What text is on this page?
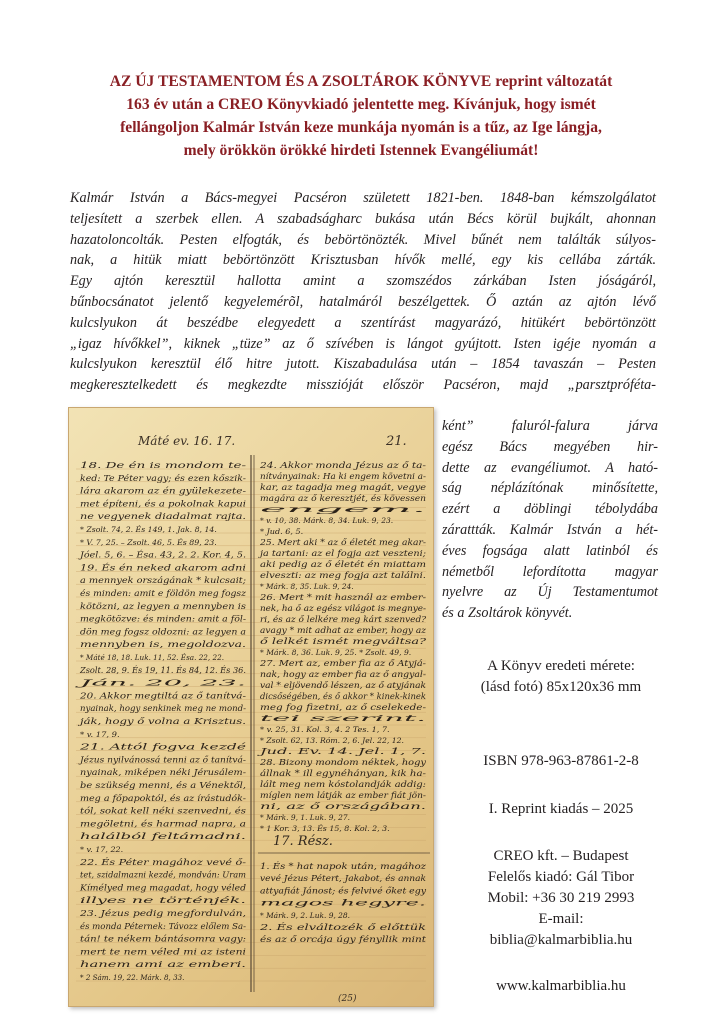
AZ ÚJ TESTAMENTOM ÉS A ZSOLTÁROK KÖNYVE reprint változatát
163 év után a CREO Könyvkiadó jelentette meg. Kívánjuk, hogy ismét
fellángoljon Kalmár István keze munkája nyomán is a tűz, az Ige lángja,
mely örökkön örökké hirdeti Istennek Evangéliumát!
Kalmár István a Bács-megyei Pacséron született 1821-ben. 1848-ban kémszolgálatot
teljesített a szerbek ellen. A szabadságharc bukása után Bécs körül bujkált, ahonnan
hazatoloncolták. Pesten elfogták, és bebörtönözték. Mivel bűnét nem találták súlyos-
nak, a hitük miatt bebörtönzött Krisztusban hívők mellé, egy kis cellába zárták.
Egy ajtón keresztül hallotta amint a szomszédos zárkában Isten jóságáról,
bűnbocsánatot jelentő kegyelemérõl, hatalmáról beszélgettek. Ő aztán az ajtón lévő
kulcslyukon át beszédbe elegyedett a szentírást magyarázó, hitükért bebörtönzött
„igaz hívőkkel”, kiknek „tüze” az ő szívében is lángot gyújtott. Isten igéje nyomán a
kulcslyukon keresztül élő hitre jutott. Kiszabadulása után – 1854 tavaszán – Pesten
megkeresztelkedett és megkezdte misszióját először Pacséron, majd „parsztpróféta-
ként” faluról-falura járva
egész Bács megyében hir-
dette az evangéliumot. A ható-
ság néplázítónak minősítette,
ezért a döblingi tébolydába
zárattták. Kalmár István a hét-
éves fogsága alatt latinból és
németből lefordította magyar
nyelvre az Új Testamentumot
és a Zsoltárok könyvét.
Máté ev. 16. 17.	21.
18. De én is mondom te-
ked: Te Péter vagy; és ezen kőszik-
lára akarom az én gyülekezete-
met építeni, és a pokolnak kapui
ne vegyenek diadalmat rajta.
* Zsolt. 74, 2. És 149, 1. Jak. 8, 14.
* V. 7, 25. – Zsolt. 46, 5. És 89, 23.
Jóel. 5, 6. – Ésa. 43, 2. 2. Kor. 4, 5.
19. És én neked akarom adni
a mennyek országának * kulcsait;
és minden: amit e földön meg fogsz
kötözni, az legyen a mennyben is
megkötözve: és minden: amit a föl-
dön meg fogsz oldozni: az legyen a
mennyben is, megoldozva.
* Máté 18, 18. Luk. 11, 52. Ésa. 22, 22.
Zsolt. 28, 9. És 19, 11. És 84, 12. És 36.
Ján. 20, 23.
20. Akkor megtiltá az ő tanítvá-
nyainak, hogy senkinek meg ne mond-
ják, hogy ő volna a Krisztus.
* v. 17, 9.
21. Attól fogva kezdé
Jézus nyilvánossá tenni az ő tanítvá-
nyainak, miképen néki Jérusálem-
be szükség menni, és a Vénektől,
meg a főpapoktól, és az írástudók-
tól, sokat kell néki szenvedni, és
megöletni, és harmad napra, a
halálból feltámadni.
* v. 17, 22.
22. És Péter magához vevé ő-
tet, szidalmazni kezdé, mondván: Uram
Kímélyed meg magadat, hogy véled
illyes ne történjék.
23. Jézus pedig megfordulván,
és monda Péternek: Távozz előlem Sa-
tán! te nékem bántásomra vagy:
mert te nem véled mi az isteni
hanem ami az emberi.
* 2 Sám. 19, 22. Márk. 8, 33.
24. Akkor monda Jézus az ő ta-
nítványainak: Ha ki engem követni a-
kar, az tagadja meg magát, vegye
magára az ő keresztjét, és kövessen
engem.
* v. 10, 38. Márk. 8, 34. Luk. 9, 23.
* Jud. 6, 5.
25. Mert aki * az ő életét meg akar-
ja tartani: az el fogja azt veszteni;
aki pedig az ő életét én miattam
elveszti: az meg fogja azt találni.
* Márk. 8, 35. Luk. 9, 24.
26. Mert * mit használ az ember-
nek, ha ő az egész világot is megnye-
ri, és az ő lelkére meg kárt szenved?
avagy * mit adhat az ember, hogy az
ő lelkét ismét megváltsa?
* Márk. 8, 36. Luk. 9, 25. * Zsolt. 49, 9.
27. Mert az, ember fia az ő Atyjá-
nak, hogy az ember fia az ő angyal-
val * eljövendő lészen, az ő atyjának
dicsőségében, és ő akkor * kinek-kinek
meg fog fizetni, az ő cselekede-
tei szerint.
* v. 25, 31. Kol. 3, 4. 2 Tes. 1, 7.
* Zsolt. 62, 13. Róm. 2, 6. Jel. 22, 12.
Jud. Ev. 14. Jel. 1, 7.
28. Bizony mondom néktek, hogy
állnak * ill egynéhányan, kik ha-
lált meg nem kóstolandják addig:
míglen nem látják az ember fiát jön-
ni, az ő országában.
* Márk. 9, 1. Luk. 9, 27.
* 1 Kor. 3, 13. És 15, 8. Kol. 2, 3.
1. És * hat napok után, magához
vevé Jézus Pétert, Jakabot, és annak
attyafiát Jánost; és felvivé őket egy
magos hegyre.
* Márk. 9, 2. Luk. 9, 28.
2. És elváltozék ő előttük
és az ő orcája úgy fényllik mint
17. Rész.
(25)
A Könyv eredeti mérete:
(lásd fotó) 85x120x36 mm
ISBN 978-963-87861-2-8
I. Reprint kiadás – 2025
CREO kft. – Budapest
Felelős kiadó: Gál Tibor
Mobil: +36 30 219 2993
E-mail:
biblia@kalmarbiblia.hu
www.kalmarbiblia.hu
